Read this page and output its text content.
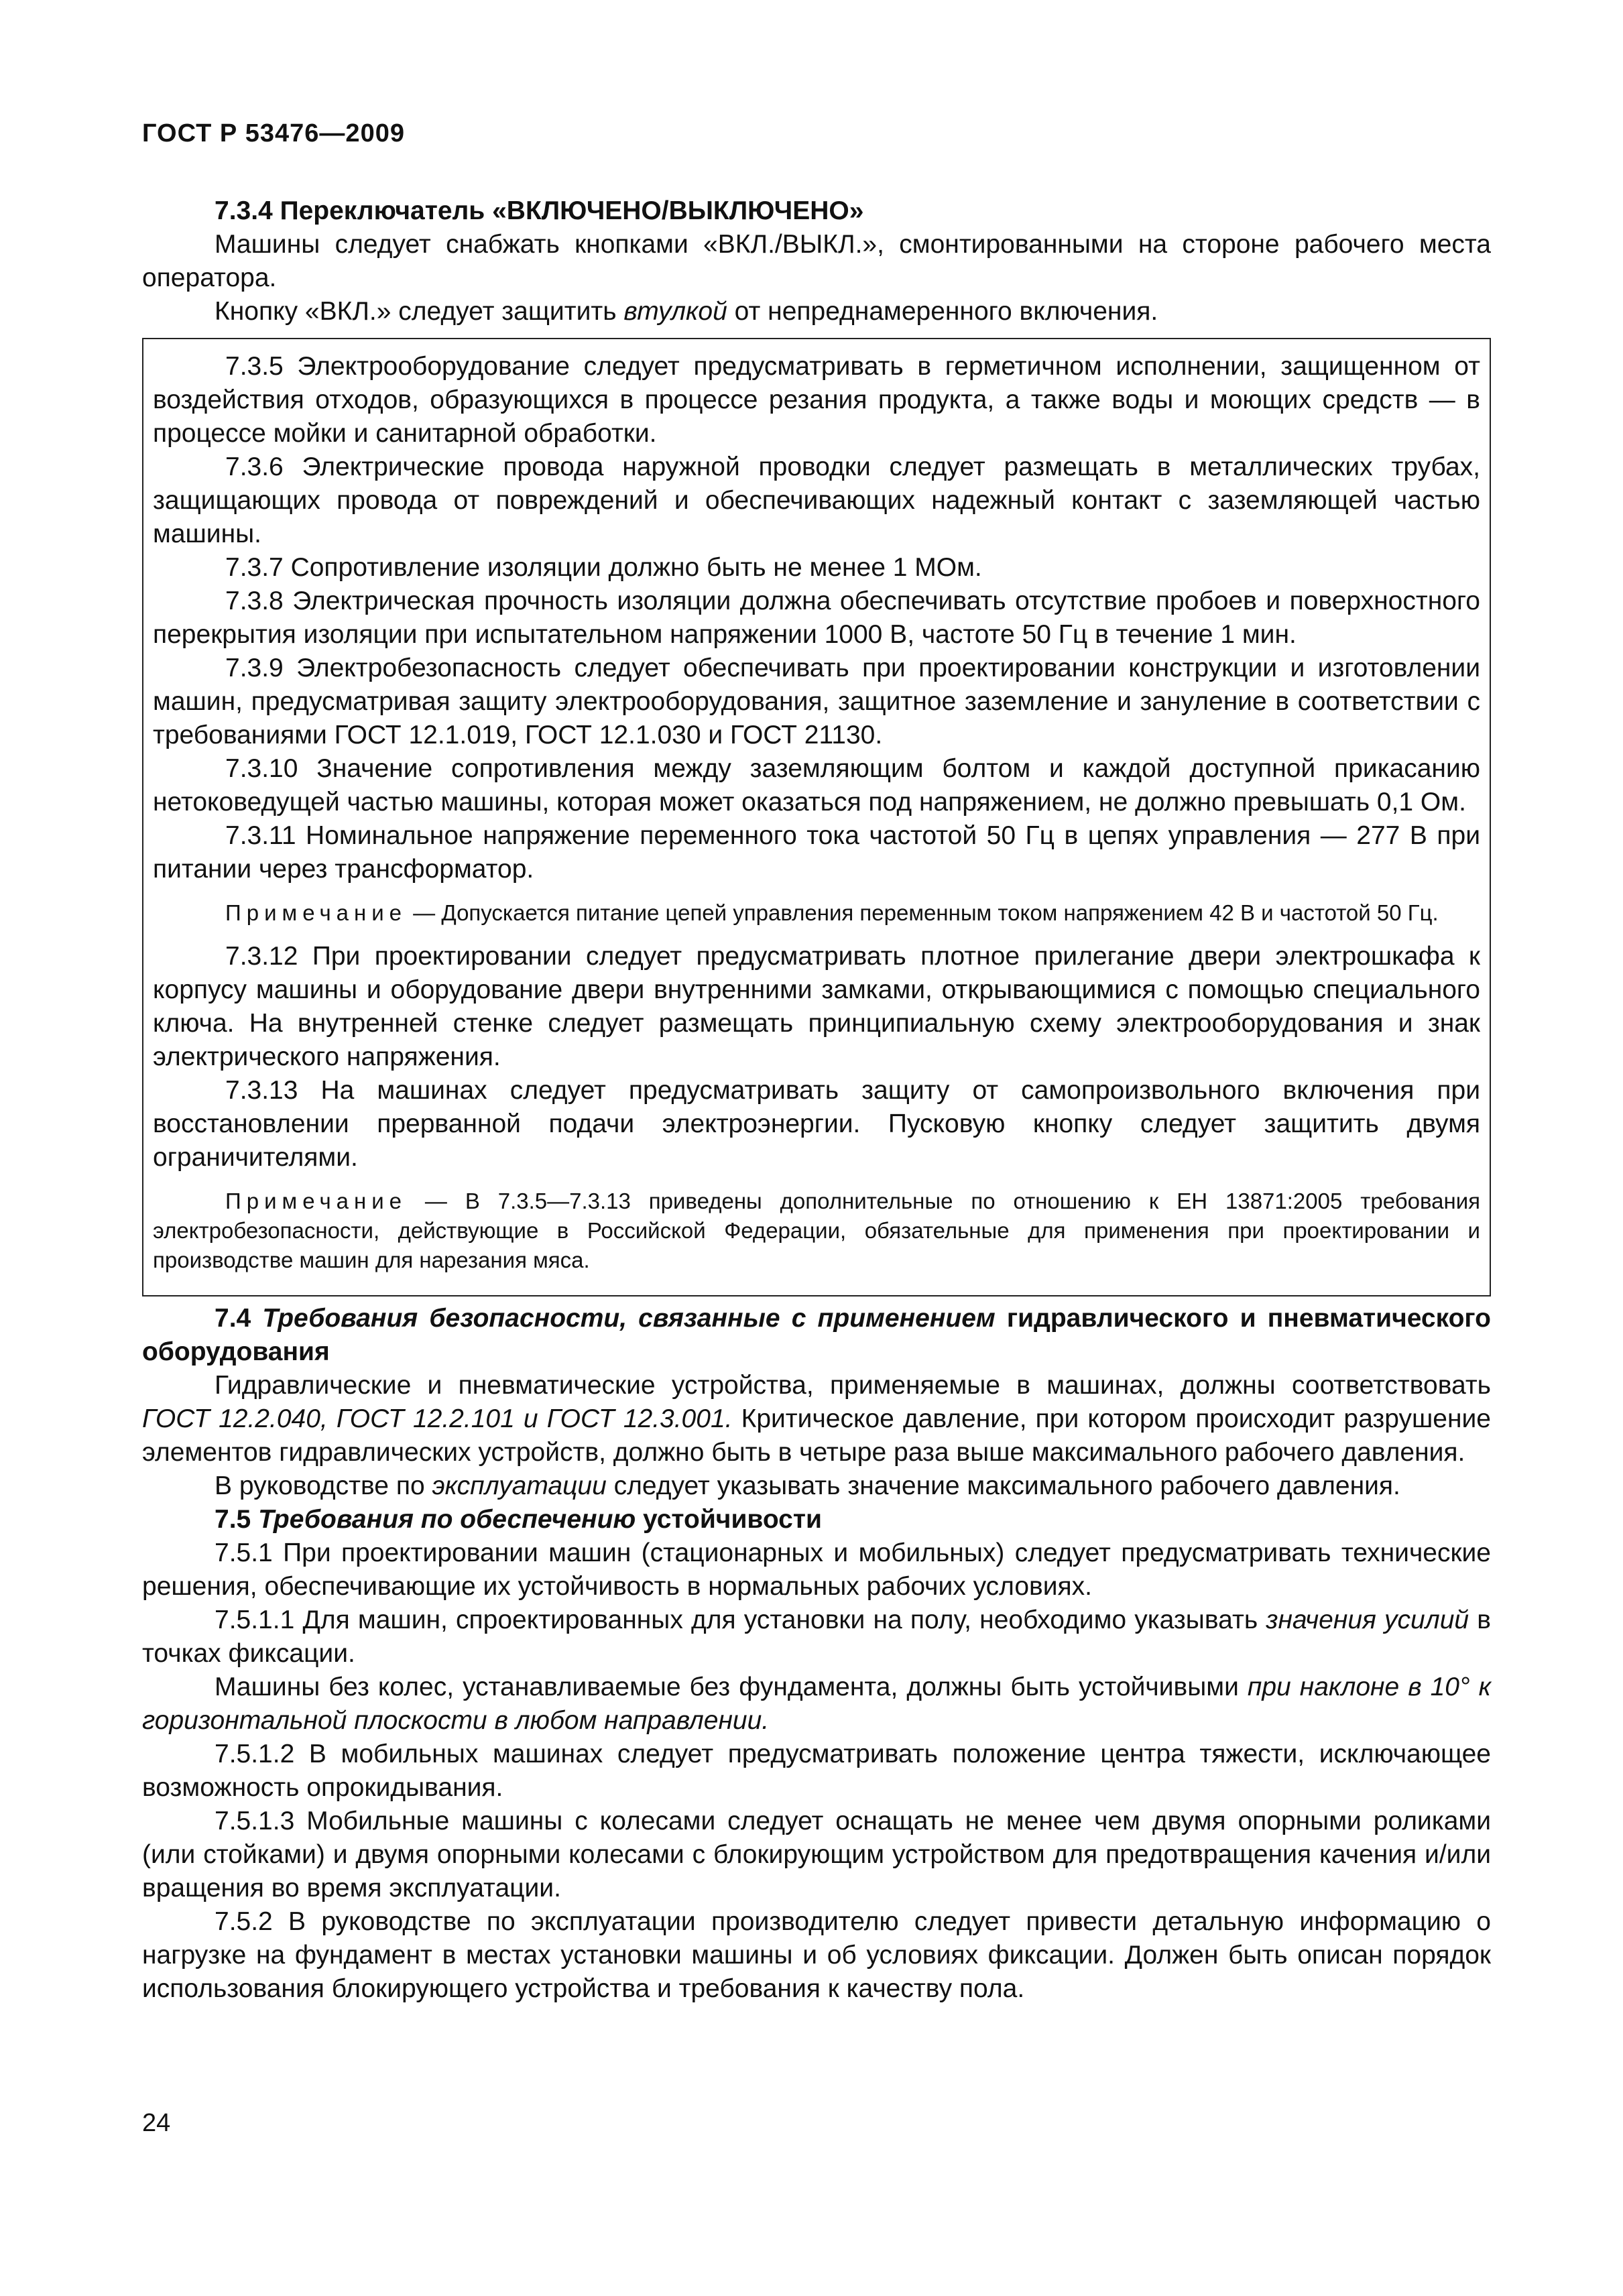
ГОСТ Р 53476—2009

7.3.4 Переключатель «ВКЛЮЧЕНО/ВЫКЛЮЧЕНО»

Машины следует снабжать кнопками «ВКЛ./ВЫКЛ.», смонтированными на стороне рабочего места оператора.

Кнопку «ВКЛ.» следует защитить втулкой от непреднамеренного включения.

7.3.5 Электрооборудование следует предусматривать в герметичном исполнении, защищенном от воздействия отходов, образующихся в процессе резания продукта, а также воды и моющих средств — в процессе мойки и санитарной обработки.

7.3.6 Электрические провода наружной проводки следует размещать в металлических трубах, защищающих провода от повреждений и обеспечивающих надежный контакт с заземляющей частью машины.

7.3.7 Сопротивление изоляции должно быть не менее 1 МОм.

7.3.8 Электрическая прочность изоляции должна обеспечивать отсутствие пробоев и поверхностного перекрытия изоляции при испытательном напряжении 1000 В, частоте 50 Гц в течение 1 мин.

7.3.9 Электробезопасность следует обеспечивать при проектировании конструкции и изготовлении машин, предусматривая защиту электрооборудования, защитное заземление и зануление в соответствии с требованиями ГОСТ 12.1.019, ГОСТ 12.1.030 и ГОСТ 21130.

7.3.10 Значение сопротивления между заземляющим болтом и каждой доступной прикасанию нетоковедущей частью машины, которая может оказаться под напряжением, не должно превышать 0,1 Ом.

7.3.11 Номинальное напряжение переменного тока частотой 50 Гц в цепях управления — 277 В при питании через трансформатор.

Примечание — Допускается питание цепей управления переменным током напряжением 42 В и частотой 50 Гц.

7.3.12 При проектировании следует предусматривать плотное прилегание двери электрошкафа к корпусу машины и оборудование двери внутренними замками, открывающимися с помощью специального ключа. На внутренней стенке следует размещать принципиальную схему электрооборудования и знак электрического напряжения.

7.3.13 На машинах следует предусматривать защиту от самопроизвольного включения при восстановлении прерванной подачи электроэнергии. Пусковую кнопку следует защитить двумя ограничителями.

Примечание — В 7.3.5—7.3.13 приведены дополнительные по отношению к ЕН 13871:2005 требования электробезопасности, действующие в Российской Федерации, обязательные для применения при проектировании и производстве машин для нарезания мяса.

7.4 Требования безопасности, связанные с применением гидравлического и пневматического оборудования

Гидравлические и пневматические устройства, применяемые в машинах, должны соответствовать ГОСТ 12.2.040, ГОСТ 12.2.101 и ГОСТ 12.3.001. Критическое давление, при котором происходит разрушение элементов гидравлических устройств, должно быть в четыре раза выше максимального рабочего давления.

В руководстве по эксплуатации следует указывать значение максимального рабочего давления.

7.5 Требования по обеспечению устойчивости

7.5.1 При проектировании машин (стационарных и мобильных) следует предусматривать технические решения, обеспечивающие их устойчивость в нормальных рабочих условиях.

7.5.1.1 Для машин, спроектированных для установки на полу, необходимо указывать значения усилий в точках фиксации.

Машины без колес, устанавливаемые без фундамента, должны быть устойчивыми при наклоне в 10° к горизонтальной плоскости в любом направлении.

7.5.1.2 В мобильных машинах следует предусматривать положение центра тяжести, исключающее возможность опрокидывания.

7.5.1.3 Мобильные машины с колесами следует оснащать не менее чем двумя опорными роликами (или стойками) и двумя опорными колесами с блокирующим устройством для предотвращения качения и/или вращения во время эксплуатации.

7.5.2 В руководстве по эксплуатации производителю следует привести детальную информацию о нагрузке на фундамент в местах установки машины и об условиях фиксации. Должен быть описан порядок использования блокирующего устройства и требования к качеству пола.

24
